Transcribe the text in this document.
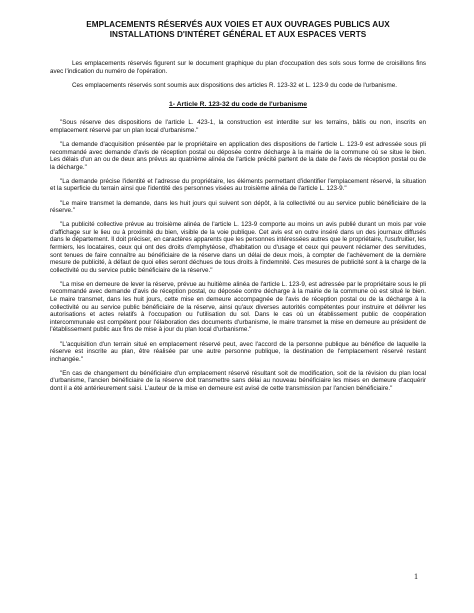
EMPLACEMENTS RÉSERVÉS AUX VOIES ET AUX OUVRAGES PUBLICS AUX
INSTALLATIONS D'INTÉRET GÉNÉRAL ET AUX ESPACES VERTS

Les emplacements réservés figurent sur le document graphique du plan d'occupation des sols sous forme de croisillons fins avec l'indication du numéro de l'opération.

Ces emplacements réservés sont soumis aux dispositions des articles R. 123-32 et L. 123-9 du code de l'urbanisme.

1- Article R. 123-32 du code de l'urbanisme

"Sous réserve des dispositions de l'article L. 423-1, la construction est interdite sur les terrains, bâtis ou non, inscrits en emplacement réservé par un plan local d'urbanisme."

"La demande d'acquisition présentée par le propriétaire en application des dispositions de l'article L. 123-9 est adressée sous pli recommandé avec demande d'avis de réception postal ou déposée contre décharge à la mairie de la commune où se situe le bien. Les délais d'un an ou de deux ans prévus au quatrième alinéa de l'article précité partent de la date de l'avis de réception postal ou de la décharge."

"La demande précise l'identité et l'adresse du propriétaire, les éléments permettant d'identifier l'emplacement réservé, la situation et la superficie du terrain ainsi que l'identité des personnes visées au troisième alinéa de l'article L. 123-9."

"Le maire transmet la demande, dans les huit jours qui suivent son dépôt, à la collectivité ou au service public bénéficiaire de la réserve."

"La publicité collective prévue au troisième alinéa de l'article L. 123-9 comporte au moins un avis publié durant un mois par voie d'affichage sur le lieu ou à proximité du bien, visible de la voie publique. Cet avis est en outre inséré dans un des journaux diffusés dans le département. Il doit préciser, en caractères apparents que les personnes intéressées autres que le propriétaire, l'usufruitier, les fermiers, les locataires, ceux qui ont des droits d'emphytéose, d'habitation ou d'usage et ceux qui peuvent réclamer des servitudes, sont tenues de faire connaître au bénéficiaire de la réserve dans un délai de deux mois, à compter de l'achèvement de la dernière mesure de publicité, à défaut de quoi elles seront déchues de tous droits à l'indemnité. Ces mesures de publicité sont à la charge de la collectivité ou du service public bénéficiaire de la réserve."

"La mise en demeure de lever la réserve, prévue au huitième alinéa de l'article L. 123-9, est adressée par le propriétaire sous le pli recommandé avec demande d'avis de réception postal, ou déposée contre décharge à la mairie de la commune où est situé le bien. Le maire transmet, dans les huit jours, cette mise en demeure accompagnée de l'avis de réception postal ou de la décharge à la collectivité ou au service public bénéficiaire de la réserve, ainsi qu'aux diverses autorités compétentes pour instruire et délivrer les autorisations et actes relatifs à l'occupation ou l'utilisation du sol. Dans le cas où un établissement public de coopération intercommunale est compétent pour l'élaboration des documents d'urbanisme, le maire transmet la mise en demeure au président de l'établissement public aux fins de mise à jour du plan local d'urbanisme."

"L'acquisition d'un terrain situé en emplacement réservé peut, avec l'accord de la personne publique au bénéfice de laquelle la réserve est inscrite au plan, être réalisée par une autre personne publique, la destination de l'emplacement réservé restant inchangée."

"En cas de changement du bénéficiaire d'un emplacement réservé résultant soit de modification, soit de la révision du plan local d'urbanisme, l'ancien bénéficiaire de la réserve doit transmettre sans délai au nouveau bénéficiaire les mises en demeure d'acquérir dont il a été antérieurement saisi. L'auteur de la mise en demeure est avisé de cette transmission par l'ancien bénéficiaire."

1
